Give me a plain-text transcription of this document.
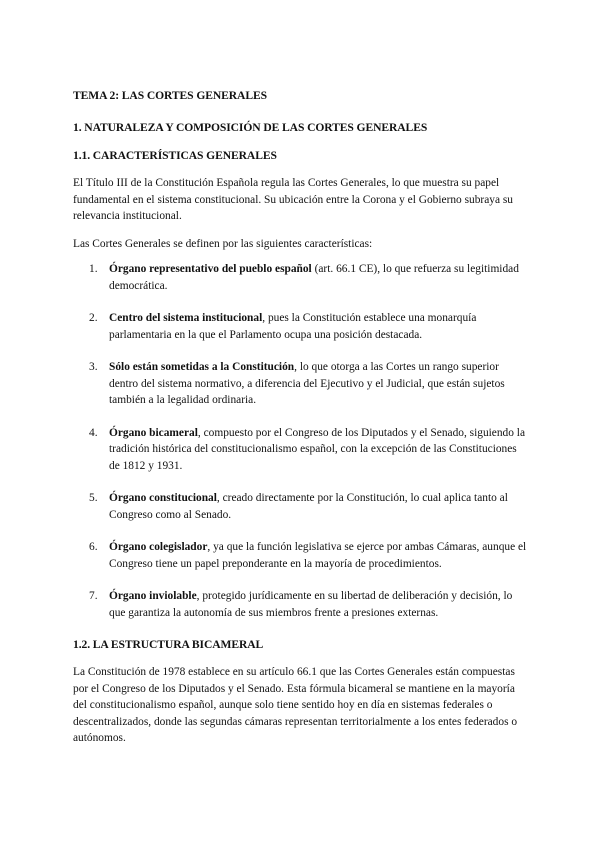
TEMA 2: LAS CORTES GENERALES
1. NATURALEZA Y COMPOSICIÓN DE LAS CORTES GENERALES
1.1. CARACTERÍSTICAS GENERALES

El Título III de la Constitución Española regula las Cortes Generales, lo que muestra su papel fundamental en el sistema constitucional. Su ubicación entre la Corona y el Gobierno subraya su relevancia institucional.

Las Cortes Generales se definen por las siguientes características:

1. Órgano representativo del pueblo español (art. 66.1 CE), lo que refuerza su legitimidad democrática.
2. Centro del sistema institucional, pues la Constitución establece una monarquía parlamentaria en la que el Parlamento ocupa una posición destacada.
3. Sólo están sometidas a la Constitución, lo que otorga a las Cortes un rango superior dentro del sistema normativo, a diferencia del Ejecutivo y el Judicial, que están sujetos también a la legalidad ordinaria.
4. Órgano bicameral, compuesto por el Congreso de los Diputados y el Senado, siguiendo la tradición histórica del constitucionalismo español, con la excepción de las Constituciones de 1812 y 1931.
5. Órgano constitucional, creado directamente por la Constitución, lo cual aplica tanto al Congreso como al Senado.
6. Órgano colegislador, ya que la función legislativa se ejerce por ambas Cámaras, aunque el Congreso tiene un papel preponderante en la mayoría de procedimientos.
7. Órgano inviolable, protegido jurídicamente en su libertad de deliberación y decisión, lo que garantiza la autonomía de sus miembros frente a presiones externas.
1.2. LA ESTRUCTURA BICAMERAL

La Constitución de 1978 establece en su artículo 66.1 que las Cortes Generales están compuestas por el Congreso de los Diputados y el Senado. Esta fórmula bicameral se mantiene en la mayoría del constitucionalismo español, aunque solo tiene sentido hoy en día en sistemas federales o descentralizados, donde las segundas cámaras representan territorialmente a los entes federados o autónomos.
